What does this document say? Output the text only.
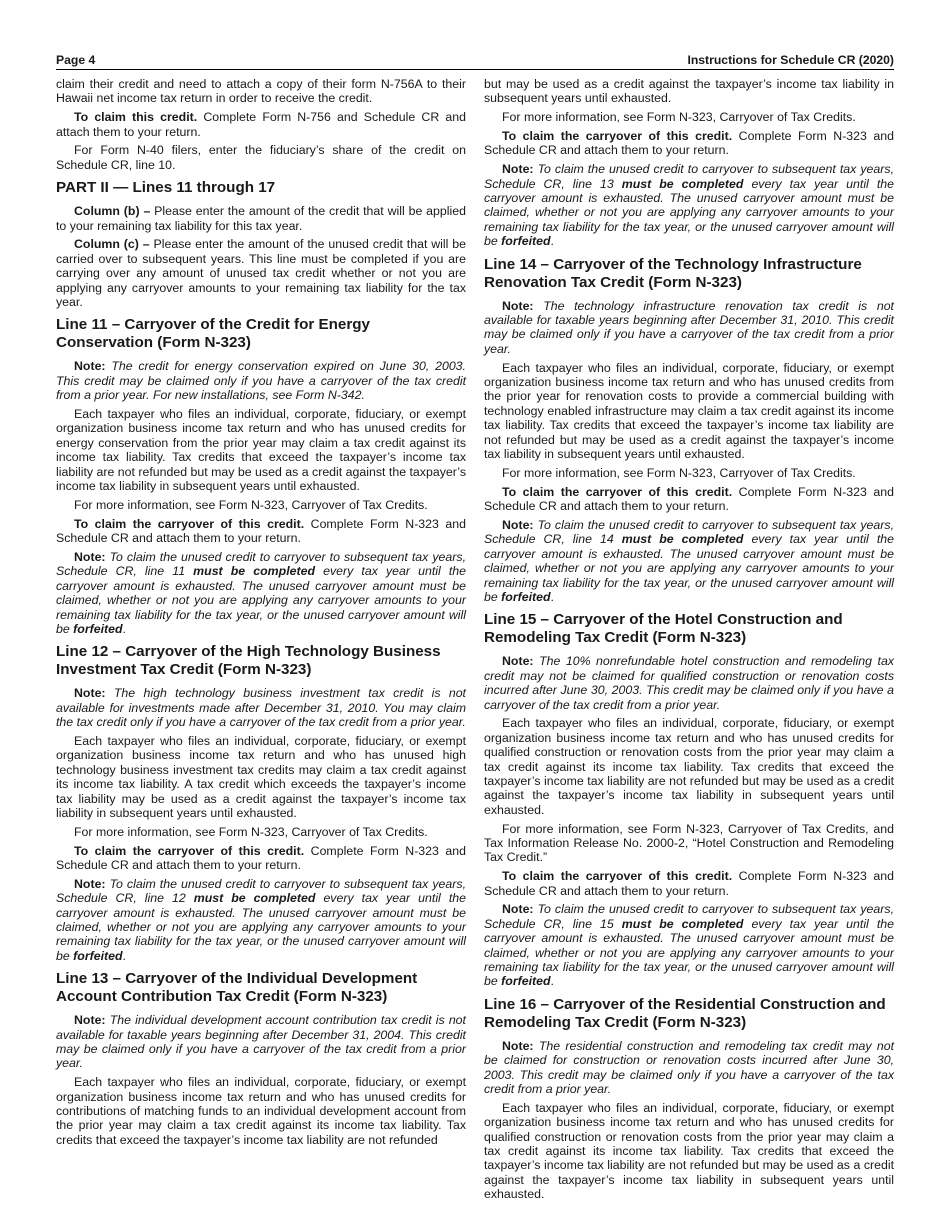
Page 4	Instructions for Schedule CR (2020)

claim their credit and need to attach a copy of their form N-756A to their Hawaii net income tax return in order to receive the credit.

To claim this credit. Complete Form N-756 and Schedule CR and attach them to your return.

For Form N-40 filers, enter the fiduciary’s share of the credit on Schedule CR, line 10.

PART II — Lines 11 through 17

Column (b) – Please enter the amount of the credit that will be applied to your remaining tax liability for this tax year.

Column (c) – Please enter the amount of the unused credit that will be carried over to subsequent years. This line must be completed if you are carrying over any amount of unused tax credit whether or not you are applying any carryover amounts to your remaining tax liability for the tax year.

Line 11 – Carryover of the Credit for Energy Conservation (Form N-323)

Note: The credit for energy conservation expired on June 30, 2003. This credit may be claimed only if you have a carryover of the tax credit from a prior year. For new installations, see Form N-342.

Each taxpayer who files an individual, corporate, fiduciary, or exempt organization business income tax return and who has unused credits for energy conservation from the prior year may claim a tax credit against its income tax liability. Tax credits that exceed the taxpayer’s income tax liability are not refunded but may be used as a credit against the taxpayer’s income tax liability in subsequent years until exhausted.

For more information, see Form N-323, Carryover of Tax Credits.

To claim the carryover of this credit. Complete Form N-323 and Schedule CR and attach them to your return.

Note: To claim the unused credit to carryover to subsequent tax years, Schedule CR, line 11 must be completed every tax year until the carryover amount is exhausted. The unused carryover amount must be claimed, whether or not you are applying any carryover amounts to your remaining tax liability for the tax year, or the unused carryover amount will be forfeited.

Line 12 – Carryover of the High Technology Business Investment Tax Credit (Form N-323)

Note: The high technology business investment tax credit is not available for investments made after December 31, 2010. You may claim the tax credit only if you have a carryover of the tax credit from a prior year.

Each taxpayer who files an individual, corporate, fiduciary, or exempt organization business income tax return and who has unused high technology business investment tax credits may claim a tax credit against its income tax liability. A tax credit which exceeds the taxpayer’s income tax liability may be used as a credit against the taxpayer’s income tax liability in subsequent years until exhausted.

For more information, see Form N-323, Carryover of Tax Credits.

To claim the carryover of this credit. Complete Form N-323 and Schedule CR and attach them to your return.

Note: To claim the unused credit to carryover to subsequent tax years, Schedule CR, line 12 must be completed every tax year until the carryover amount is exhausted. The unused carryover amount must be claimed, whether or not you are applying any carryover amounts to your remaining tax liability for the tax year, or the unused carryover amount will be forfeited.

Line 13 – Carryover of the Individual Development Account Contribution Tax Credit (Form N-323)

Note: The individual development account contribution tax credit is not available for taxable years beginning after December 31, 2004. This credit may be claimed only if you have a carryover of the tax credit from a prior year.

Each taxpayer who files an individual, corporate, fiduciary, or exempt organization business income tax return and who has unused credits for contributions of matching funds to an individual development account from the prior year may claim a tax credit against its income tax liability. Tax credits that exceed the taxpayer’s income tax liability are not refunded

but may be used as a credit against the taxpayer’s income tax liability in subsequent years until exhausted.

For more information, see Form N-323, Carryover of Tax Credits.

To claim the carryover of this credit. Complete Form N-323 and Schedule CR and attach them to your return.

Note: To claim the unused credit to carryover to subsequent tax years, Schedule CR, line 13 must be completed every tax year until the carryover amount is exhausted. The unused carryover amount must be claimed, whether or not you are applying any carryover amounts to your remaining tax liability for the tax year, or the unused carryover amount will be forfeited.

Line 14 – Carryover of the Technology Infrastructure Renovation Tax Credit (Form N-323)

Note: The technology infrastructure renovation tax credit is not available for taxable years beginning after December 31, 2010. This credit may be claimed only if you have a carryover of the tax credit from a prior year.

Each taxpayer who files an individual, corporate, fiduciary, or exempt organization business income tax return and who has unused credits from the prior year for renovation costs to provide a commercial building with technology enabled infrastructure may claim a tax credit against its income tax liability. Tax credits that exceed the taxpayer’s income tax liability are not refunded but may be used as a credit against the taxpayer’s income tax liability in subsequent years until exhausted.

For more information, see Form N-323, Carryover of Tax Credits.

To claim the carryover of this credit. Complete Form N-323 and Schedule CR and attach them to your return.

Note: To claim the unused credit to carryover to subsequent tax years, Schedule CR, line 14 must be completed every tax year until the carryover amount is exhausted. The unused carryover amount must be claimed, whether or not you are applying any carryover amounts to your remaining tax liability for the tax year, or the unused carryover amount will be forfeited.

Line 15 – Carryover of the Hotel Construction and Remodeling Tax Credit (Form N-323)

Note: The 10% nonrefundable hotel construction and remodeling tax credit may not be claimed for qualified construction or renovation costs incurred after June 30, 2003. This credit may be claimed only if you have a carryover of the tax credit from a prior year.

Each taxpayer who files an individual, corporate, fiduciary, or exempt organization business income tax return and who has unused credits for qualified construction or renovation costs from the prior year may claim a tax credit against its income tax liability. Tax credits that exceed the taxpayer’s income tax liability are not refunded but may be used as a credit against the taxpayer’s income tax liability in subsequent years until exhausted.

For more information, see Form N-323, Carryover of Tax Credits, and Tax Information Release No. 2000-2, “Hotel Construction and Remodeling Tax Credit.”

To claim the carryover of this credit. Complete Form N-323 and Schedule CR and attach them to your return.

Note: To claim the unused credit to carryover to subsequent tax years, Schedule CR, line 15 must be completed every tax year until the carryover amount is exhausted. The unused carryover amount must be claimed, whether or not you are applying any carryover amounts to your remaining tax liability for the tax year, or the unused carryover amount will be forfeited.

Line 16 – Carryover of the Residential Construction and Remodeling Tax Credit (Form N-323)

Note: The residential construction and remodeling tax credit may not be claimed for construction or renovation costs incurred after June 30, 2003. This credit may be claimed only if you have a carryover of the tax credit from a prior year.

Each taxpayer who files an individual, corporate, fiduciary, or exempt organization business income tax return and who has unused credits for qualified construction or renovation costs from the prior year may claim a tax credit against its income tax liability. Tax credits that exceed the taxpayer’s income tax liability are not refunded but may be used as a credit against the taxpayer’s income tax liability in subsequent years until exhausted.
